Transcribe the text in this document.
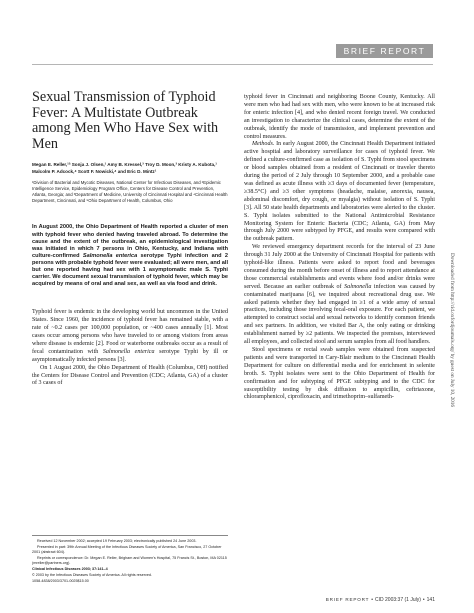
BRIEF REPORT
Sexual Transmission of Typhoid Fever: A Multistate Outbreak among Men Who Have Sex with Men

Megan E. Reller,¹ª Sonja J. Olsen,¹ Amy B. Kressel,³ Troy D. Moon,³ Kristy A. Kubota,¹ Malcolm P. Adcock,⁴ Scott F. Nowicki,⁴ and Eric D. Mintz¹

¹Division of Bacterial and Mycotic Diseases, National Center for Infectious Diseases, and ²Epidemic Intelligence Service, Epidemiology Program Office, Centers for Disease Control and Prevention, Atlanta, Georgia; and ³Department of Medicine, University of Cincinnati Hospital and ⁴Cincinnati Health Department, Cincinnati, and ⁵Ohio Department of Health, Columbus, Ohio

In August 2000, the Ohio Department of Health reported a cluster of men with typhoid fever who denied having traveled abroad. To determine the cause and the extent of the outbreak, an epidemiological investigation was initiated in which 7 persons in Ohio, Kentucky, and Indiana with culture-confirmed Salmonella enterica serotype Typhi infection and 2 persons with probable typhoid fever were evaluated; all were men, and all but one reported having had sex with 1 asymptomatic male S. Typhi carrier. We document sexual transmission of typhoid fever, which may be acquired by means of oral and anal sex, as well as via food and drink.

Typhoid fever is endemic in the developing world but uncommon in the United States. Since 1960, the incidence of typhoid fever has remained stable, with a rate of ~0.2 cases per 100,000 population, or ~400 cases annually [1]. Most cases occur among persons who have traveled to or among visitors from areas where disease is endemic [2]. Food or waterborne outbreaks occur as a result of fecal contamination with Salmonella enterica serotype Typhi by ill or asymptomatically infected persons [3].

On 1 August 2000, the Ohio Department of Health (Columbus, OH) notified the Centers for Disease Control and Prevention (CDC; Atlanta, GA) of a cluster of 3 cases of

Received 12 November 2002; accepted 19 February 2003; electronically published 24 June 2003.

Presented in part: 39th Annual Meeting of the Infectious Diseases Society of America, San Francisco, 27 October 2001 (abstract 604).

Reprints or correspondence: Dr. Megan E. Reller, Brigham and Women's Hospital, 75 Francis St., Boston, MA 02115 (mreller@partners.org).

Clinical Infectious Diseases 2003; 37:141–4

© 2003 by the Infectious Diseases Society of America. All rights reserved.

1058-4838/2003/3701-0025$15.00

typhoid fever in Cincinnati and neighboring Boone County, Kentucky. All were men who had had sex with men, who were known to be at increased risk for enteric infection [4], and who denied recent foreign travel. We conducted an investigation to characterize the clinical cases, determine the extent of the outbreak, identify the mode of transmission, and implement prevention and control measures.

Methods. In early August 2000, the Cincinnati Health Department initiated active hospital and laboratory surveillance for cases of typhoid fever. We defined a culture-confirmed case as isolation of S. Typhi from stool specimens or blood samples obtained from a resident of Cincinnati or traveler thereto during the period of 2 July through 10 September 2000, and a probable case was defined as acute illness with ≥3 days of documented fever (temperature, ≥38.5°C) and ≥3 other symptoms (headache, malaise, anorexia, nausea, abdominal discomfort, dry cough, or myalgia) without isolation of S. Typhi [3]. All 50 state health departments and laboratories were alerted to the cluster. S. Typhi isolates submitted to the National Antimicrobial Resistance Monitoring System for Enteric Bacteria (CDC; Atlanta, GA) from May through July 2000 were subtyped by PFGE, and results were compared with the outbreak pattern.

We reviewed emergency department records for the interval of 23 June through 31 July 2000 at the University of Cincinnati Hospital for patients with typhoid-like illness. Patients were asked to report food and beverages consumed during the month before onset of illness and to report attendance at those commercial establishments and events where food and/or drinks were served. Because an earlier outbreak of Salmonella infection was caused by contaminated marijuana [6], we inquired about recreational drug use. We asked patients whether they had engaged in ≥1 of a wide array of sexual practices, including those involving fecal-oral exposure. For each patient, we attempted to construct social and sexual networks to identify common friends and sex partners. In addition, we visited Bar A, the only eating or drinking establishment named by ≥2 patients. We inspected the premises, interviewed all employees, and collected stool and serum samples from all food handlers.

Stool specimens or rectal swab samples were obtained from suspected patients and were transported in Cary-Blair medium to the Cincinnati Health Department for culture on differential media and for enrichment in selenite broth. S. Typhi isolates were sent to the Ohio Department of Health for confirmation and for subtyping of PFGE subtyping and to the CDC for susceptibility testing by disk diffusion to ampicillin, ceftriaxone, chloramphenicol, ciprofloxacin, and trimethoprim–sulfameth-	Downloaded from http://cid.oxfordjournals.org/ by guest on July 10, 2016
BRIEF REPORT • CID 2003:37 (1 July) • 141
